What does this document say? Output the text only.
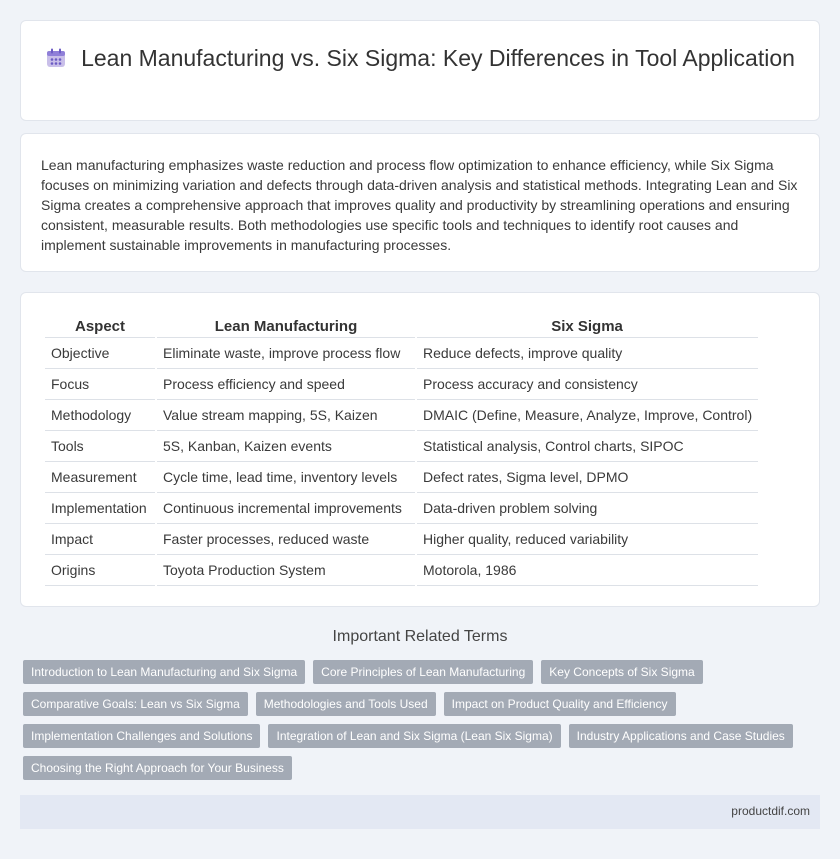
Lean Manufacturing vs. Six Sigma: Key Differences in Tool Application

Lean manufacturing emphasizes waste reduction and process flow optimization to enhance efficiency, while Six Sigma focuses on minimizing variation and defects through data-driven analysis and statistical methods. Integrating Lean and Six Sigma creates a comprehensive approach that improves quality and productivity by streamlining operations and ensuring consistent, measurable results. Both methodologies use specific tools and techniques to identify root causes and implement sustainable improvements in manufacturing processes.

Aspect	Lean Manufacturing	Six Sigma
Objective	Eliminate waste, improve process flow	Reduce defects, improve quality
Focus	Process efficiency and speed	Process accuracy and consistency
Methodology	Value stream mapping, 5S, Kaizen	DMAIC (Define, Measure, Analyze, Improve, Control)
Tools	5S, Kanban, Kaizen events	Statistical analysis, Control charts, SIPOC
Measurement	Cycle time, lead time, inventory levels	Defect rates, Sigma level, DPMO
Implementation	Continuous incremental improvements	Data-driven problem solving
Impact	Faster processes, reduced waste	Higher quality, reduced variability
Origins	Toyota Production System	Motorola, 1986
Important Related Terms
Introduction to Lean Manufacturing and Six Sigma	Core Principles of Lean Manufacturing	Key Concepts of Six Sigma
Comparative Goals: Lean vs Six Sigma	Methodologies and Tools Used	Impact on Product Quality and Efficiency
Implementation Challenges and Solutions	Integration of Lean and Six Sigma (Lean Six Sigma)	Industry Applications and Case Studies
Choosing the Right Approach for Your Business
productdif.com
